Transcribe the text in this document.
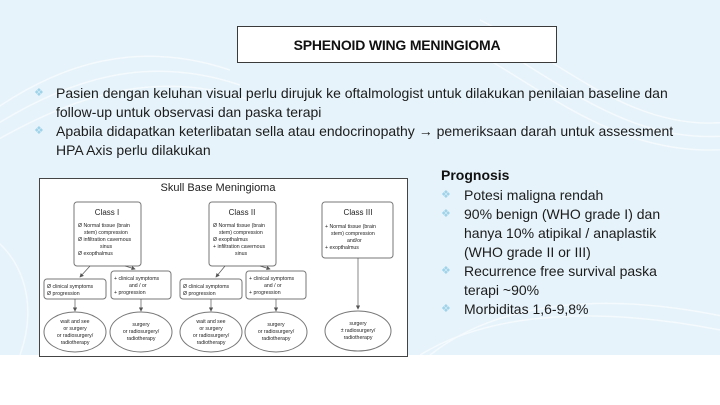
SPHENOID WING MENINGIOMA
❖ Pasien dengan keluhan visual perlu dirujuk ke oftalmologist untuk dilakukan penilaian baseline dan follow-up untuk observasi dan paska terapi
❖ Apabila didapatkan keterlibatan sella atau endocrinopathy → pemeriksaan darah untuk assessment HPA Axis perlu dilakukan
Prognosis
❖ Potesi maligna rendah
❖ 90% benign (WHO grade I) dan hanya 10% atipikal / anaplastik (WHO grade II or III)
❖ Recurrence free survival paska terapi ~90%
❖ Morbiditas 1,6-9,8%
Skull Base Meningioma
Class I
Ø Normal tissue (brain
stem) compression
Ø infiltration cavernous
sinus
Ø exopthalmus
Ø clinical symptoms
Ø progression
+ clinical symptoms
and / or
+ progression
wait and see
or surgery
or radiosurgery/
radiotherapy
surgery
or radiosurgery/
radiotherapy
Class II
Ø Normal tissue (brain
stem) compression
Ø exopthalmus
+ infiltration cavernous
sinus
Ø clinical symptoms
Ø progression
+ clinical symptoms
and / or
+ progression
wait and see
or surgery
or radiosurgery/
radiotherapy
surgery
or radiosurgery/
radiotherapy
Class III
+ Normal tissue (brain
stem) compression
and/or
+ exopthalmus
surgery
± radiosurgery/
radiotherapy
